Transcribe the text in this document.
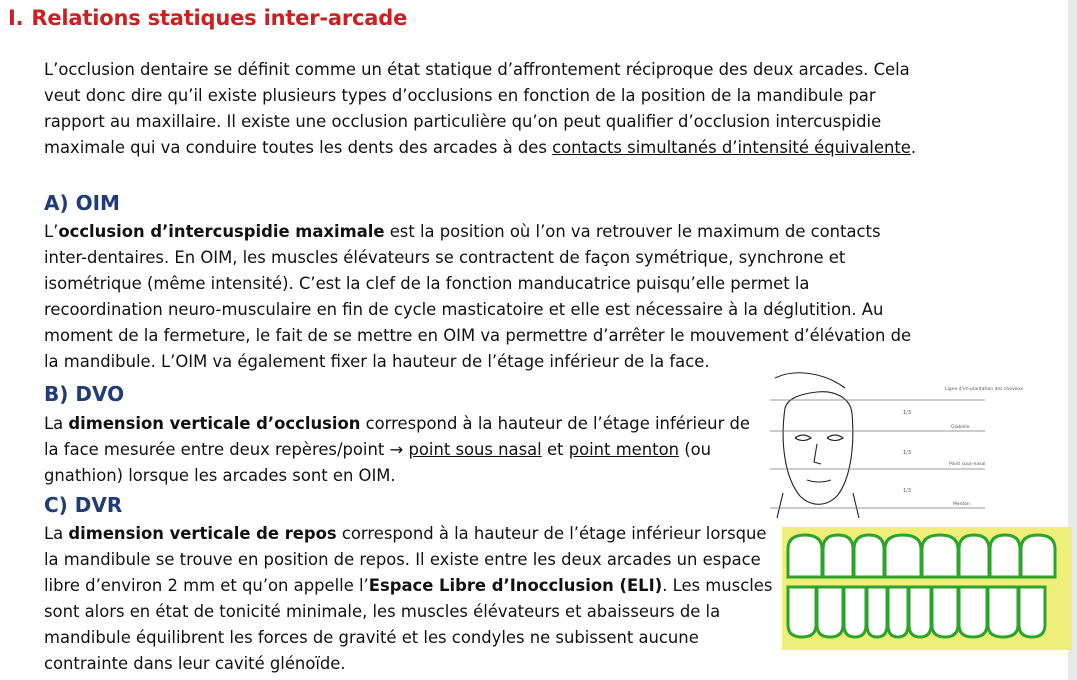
I. Relations statiques inter-arcade

L’occlusion dentaire se définit comme un état statique d’affrontement réciproque des deux arcades. Cela veut donc dire qu’il existe plusieurs types d’occlusions en fonction de la position de la mandibule par rapport au maxillaire. Il existe une occlusion particulière qu’on peut qualifier d’occlusion intercuspidie maximale qui va conduire toutes les dents des arcades à des contacts simultanés d’intensité équivalente.

A) OIM

L’occlusion d’intercuspidie maximale est la position où l’on va retrouver le maximum de contacts inter-dentaires. En OIM, les muscles élévateurs se contractent de façon symétrique, synchrone et isométrique (même intensité). C’est la clef de la fonction manducatrice puisqu’elle permet la recoordination neuro-musculaire en fin de cycle masticatoire et elle est nécessaire à la déglutition. Au moment de la fermeture, le fait de se mettre en OIM va permettre d’arrêter le mouvement d’élévation de la mandibule. L’OIM va également fixer la hauteur de l’étage inférieur de la face.

B) DVO

La dimension verticale d’occlusion correspond à la hauteur de l’étage inférieur de la face mesurée entre deux repères/point → point sous nasal et point menton (ou gnathion) lorsque les arcades sont en OIM.

C) DVR

La dimension verticale de repos correspond à la hauteur de l’étage inférieur lorsque la mandibule se trouve en position de repos. Il existe entre les deux arcades un espace libre d’environ 2 mm et qu’on appelle l’Espace Libre d’Inocclusion (ELI). Les muscles sont alors en état de tonicité minimale, les muscles élévateurs et abaisseurs de la mandibule équilibrent les forces de gravité et les condyles ne subissent aucune contrainte dans leur cavité glénoïde.

1/3
1/3
1/3
Ligne d’im-plantation des cheveux
Glabelle
Point sous-nasal
Menton
